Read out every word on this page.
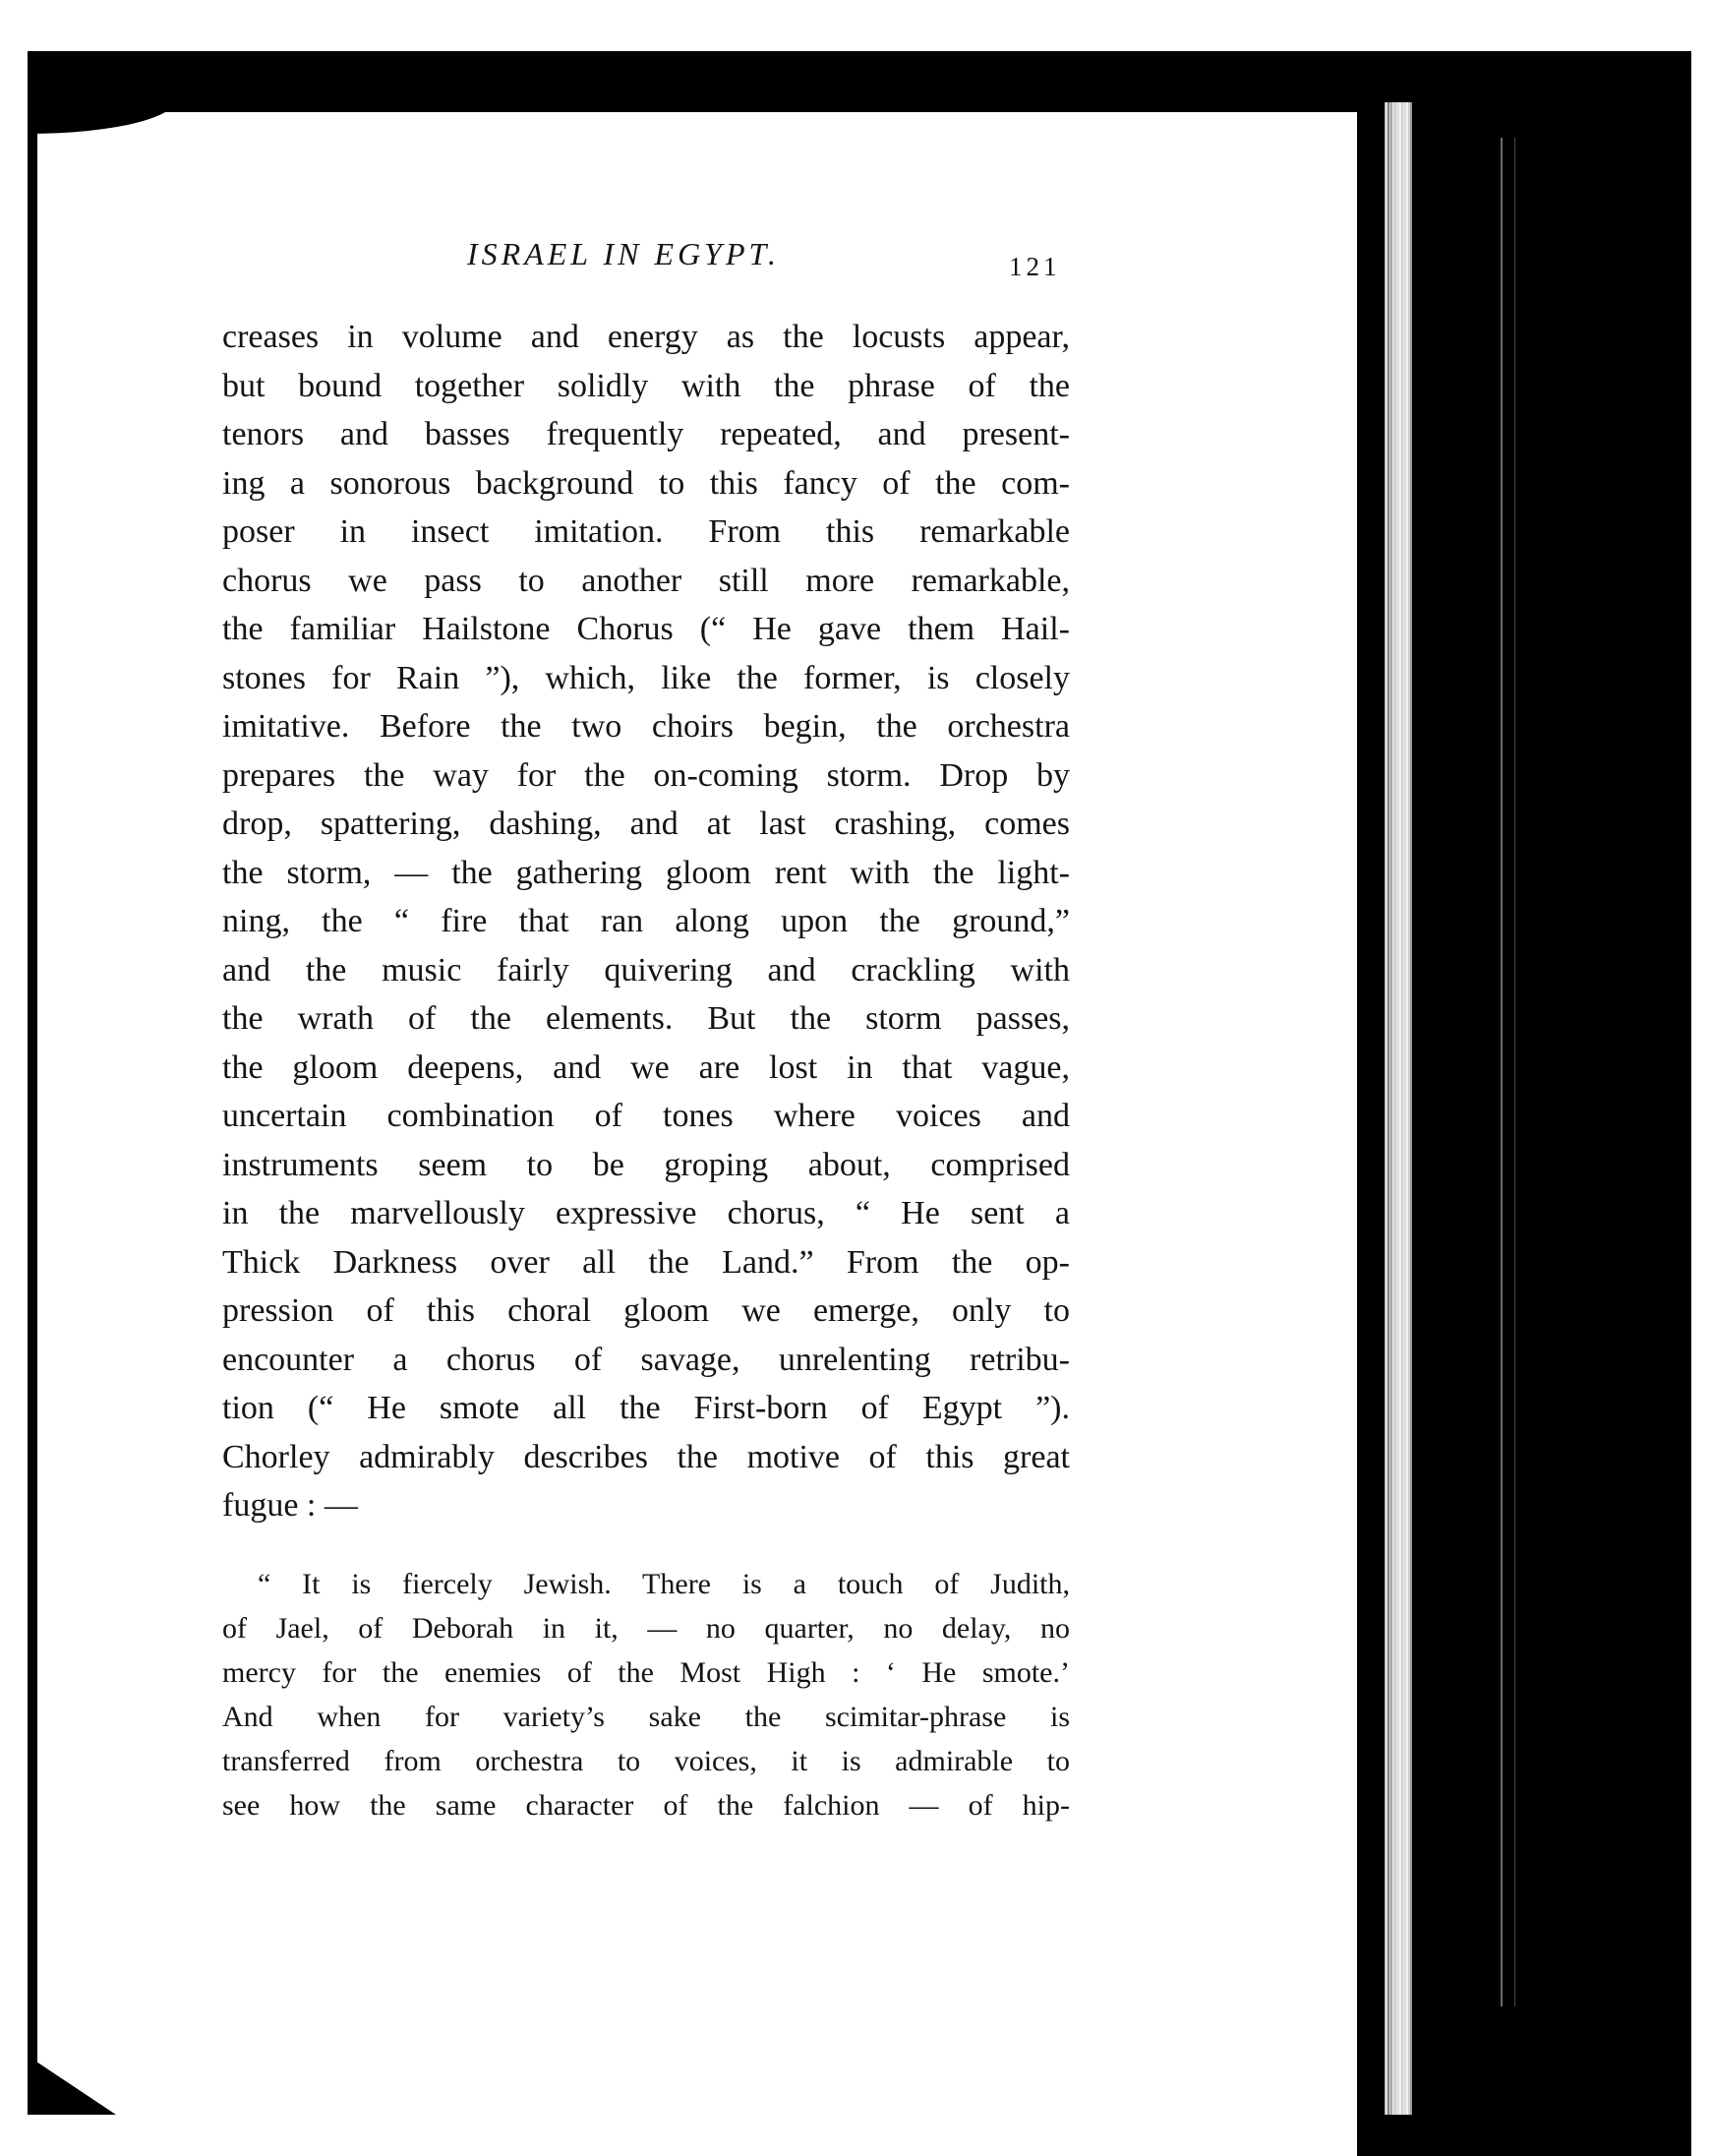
ISRAEL IN EGYPT.	121
creases in volume and energy as the locusts appear,
but bound together solidly with the phrase of the
tenors and basses frequently repeated, and present-
ing a sonorous background to this fancy of the com-
poser in insect imitation. From this remarkable
chorus we pass to another still more remarkable,
the familiar Hailstone Chorus (“ He gave them Hail-
stones for Rain ”), which, like the former, is closely
imitative. Before the two choirs begin, the orchestra
prepares the way for the on-coming storm. Drop by
drop, spattering, dashing, and at last crashing, comes
the storm, — the gathering gloom rent with the light-
ning, the “ fire that ran along upon the ground,”
and the music fairly quivering and crackling with
the wrath of the elements. But the storm passes,
the gloom deepens, and we are lost in that vague,
uncertain combination of tones where voices and
instruments seem to be groping about, comprised
in the marvellously expressive chorus, “ He sent a
Thick Darkness over all the Land.” From the op-
pression of this choral gloom we emerge, only to
encounter a chorus of savage, unrelenting retribu-
tion (“ He smote all the First-born of Egypt ”).
Chorley admirably describes the motive of this great
fugue : —
“ It is fiercely Jewish. There is a touch of Judith,
of Jael, of Deborah in it, — no quarter, no delay, no
mercy for the enemies of the Most High : ‘ He smote.’
And when for variety’s sake the scimitar-phrase is
transferred from orchestra to voices, it is admirable to
see how the same character of the falchion — of hip-
